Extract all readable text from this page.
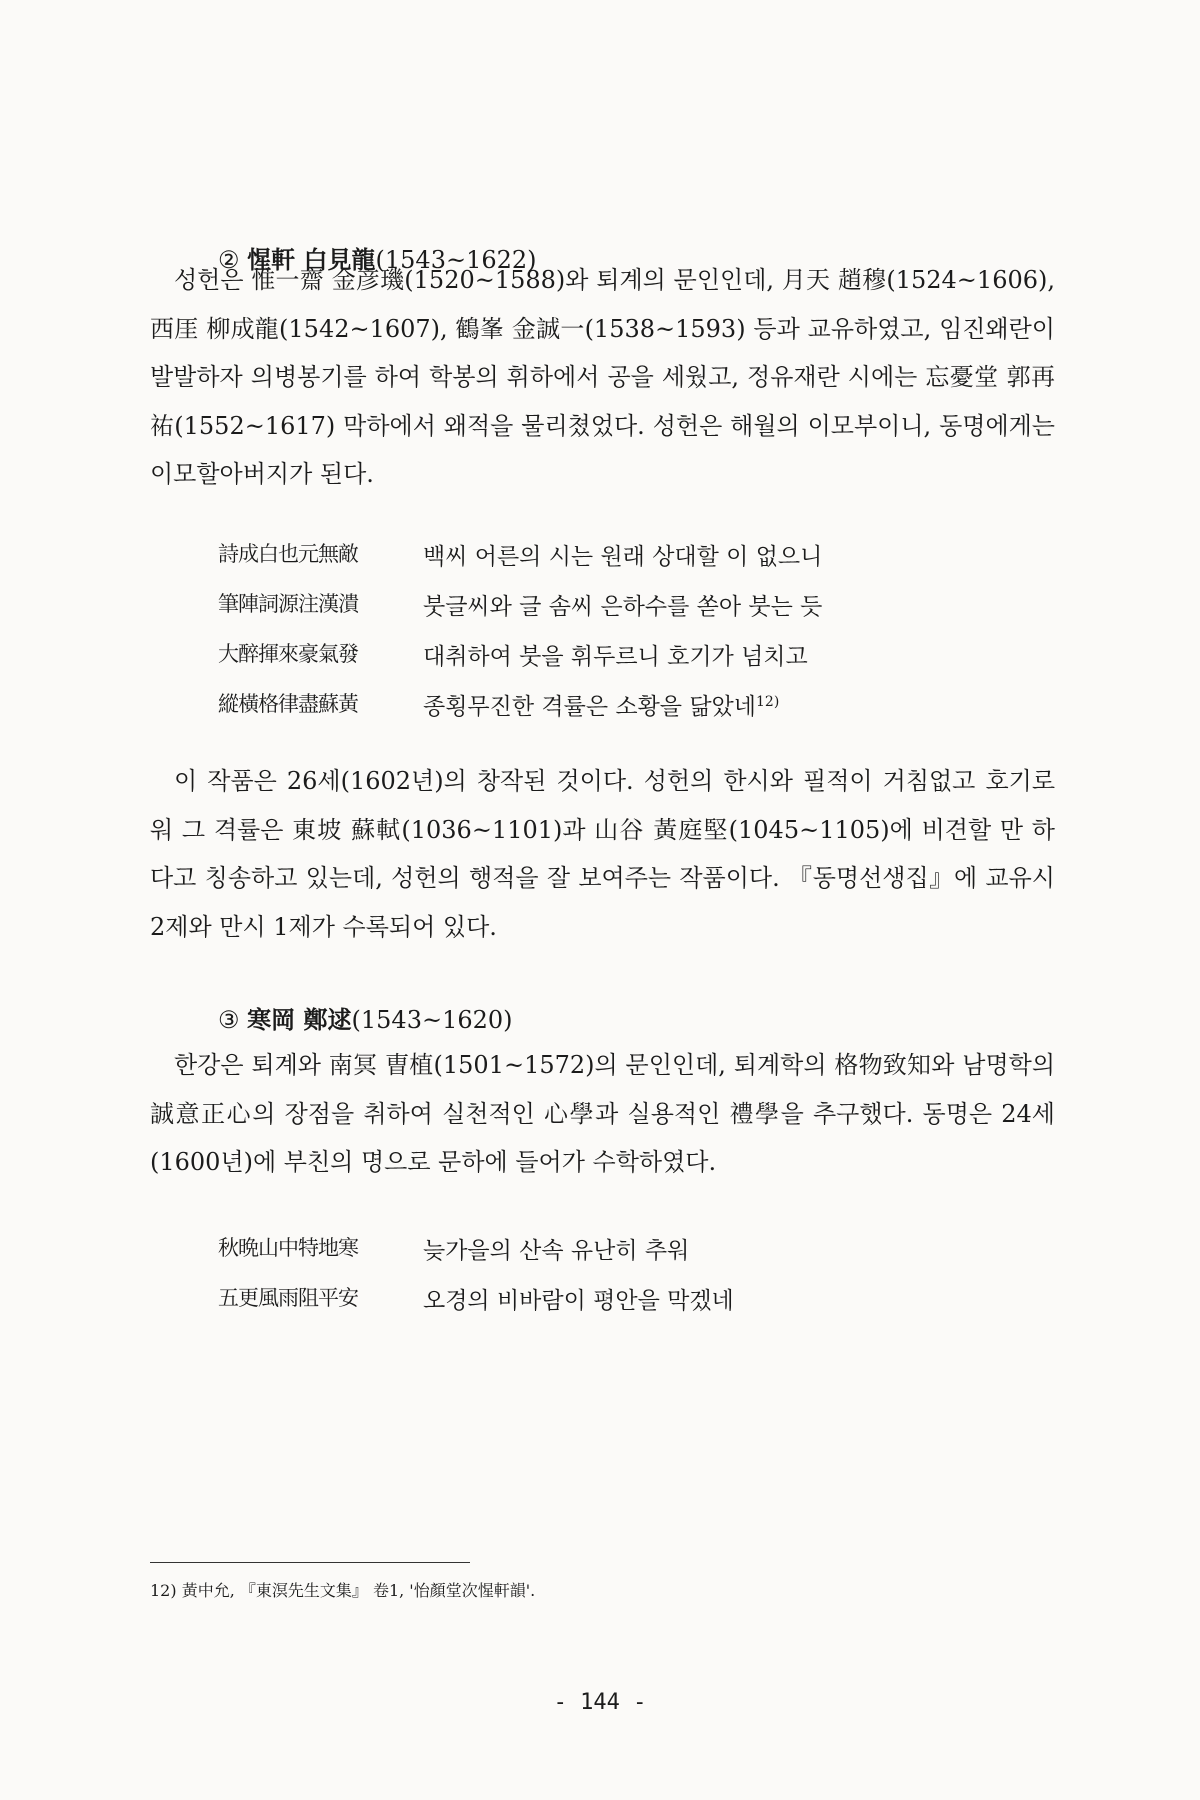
② 惺軒 白見龍(1543~1622)

성헌은 惟一齋 金彦璣(1520~1588)와 퇴계의 문인인데, 月天 趙穆(1524~1606), 西厓 柳成龍(1542~1607), 鶴峯 金誠一(1538~1593) 등과 교유하였고, 임진왜란이 발발하자 의병봉기를 하여 학봉의 휘하에서 공을 세웠고, 정유재란 시에는 忘憂堂 郭再祐(1552~1617) 막하에서 왜적을 물리쳤었다. 성헌은 해월의 이모부이니, 동명에게는 이모할아버지가 된다.

詩成白也元無敵	백씨 어른의 시는 원래 상대할 이 없으니
筆陣詞源注漢潰	붓글씨와 글 솜씨 은하수를 쏟아 붓는 듯
大醉揮來豪氣發	대취하여 붓을 휘두르니 호기가 넘치고
縱橫格律盡蘇黃	종횡무진한 격률은 소황을 닮았네$^{12)}$

이 작품은 26세(1602년)의 창작된 것이다. 성헌의 한시와 필적이 거침없고 호기로워 그 격률은 東坡 蘇軾(1036~1101)과 山谷 黃庭堅(1045~1105)에 비견할 만 하다고 칭송하고 있는데, 성헌의 행적을 잘 보여주는 작품이다. 『동명선생집』에 교유시 2제와 만시 1제가 수록되어 있다.

③ 寒岡 鄭逑(1543~1620)

한강은 퇴계와 南冥 曺植(1501~1572)의 문인인데, 퇴계학의 格物致知와 남명학의 誠意正心의 장점을 취하여 실천적인 心學과 실용적인 禮學을 추구했다. 동명은 24세(1600년)에 부친의 명으로 문하에 들어가 수학하였다.

秋晩山中特地寒	늦가을의 산속 유난히 추워
五更風雨阻平安	오경의 비바람이 평안을 막겠네
12) 黃中允, 『東溟先生文集』 卷1, '怡顏堂次惺軒韻'.
- 144 -
